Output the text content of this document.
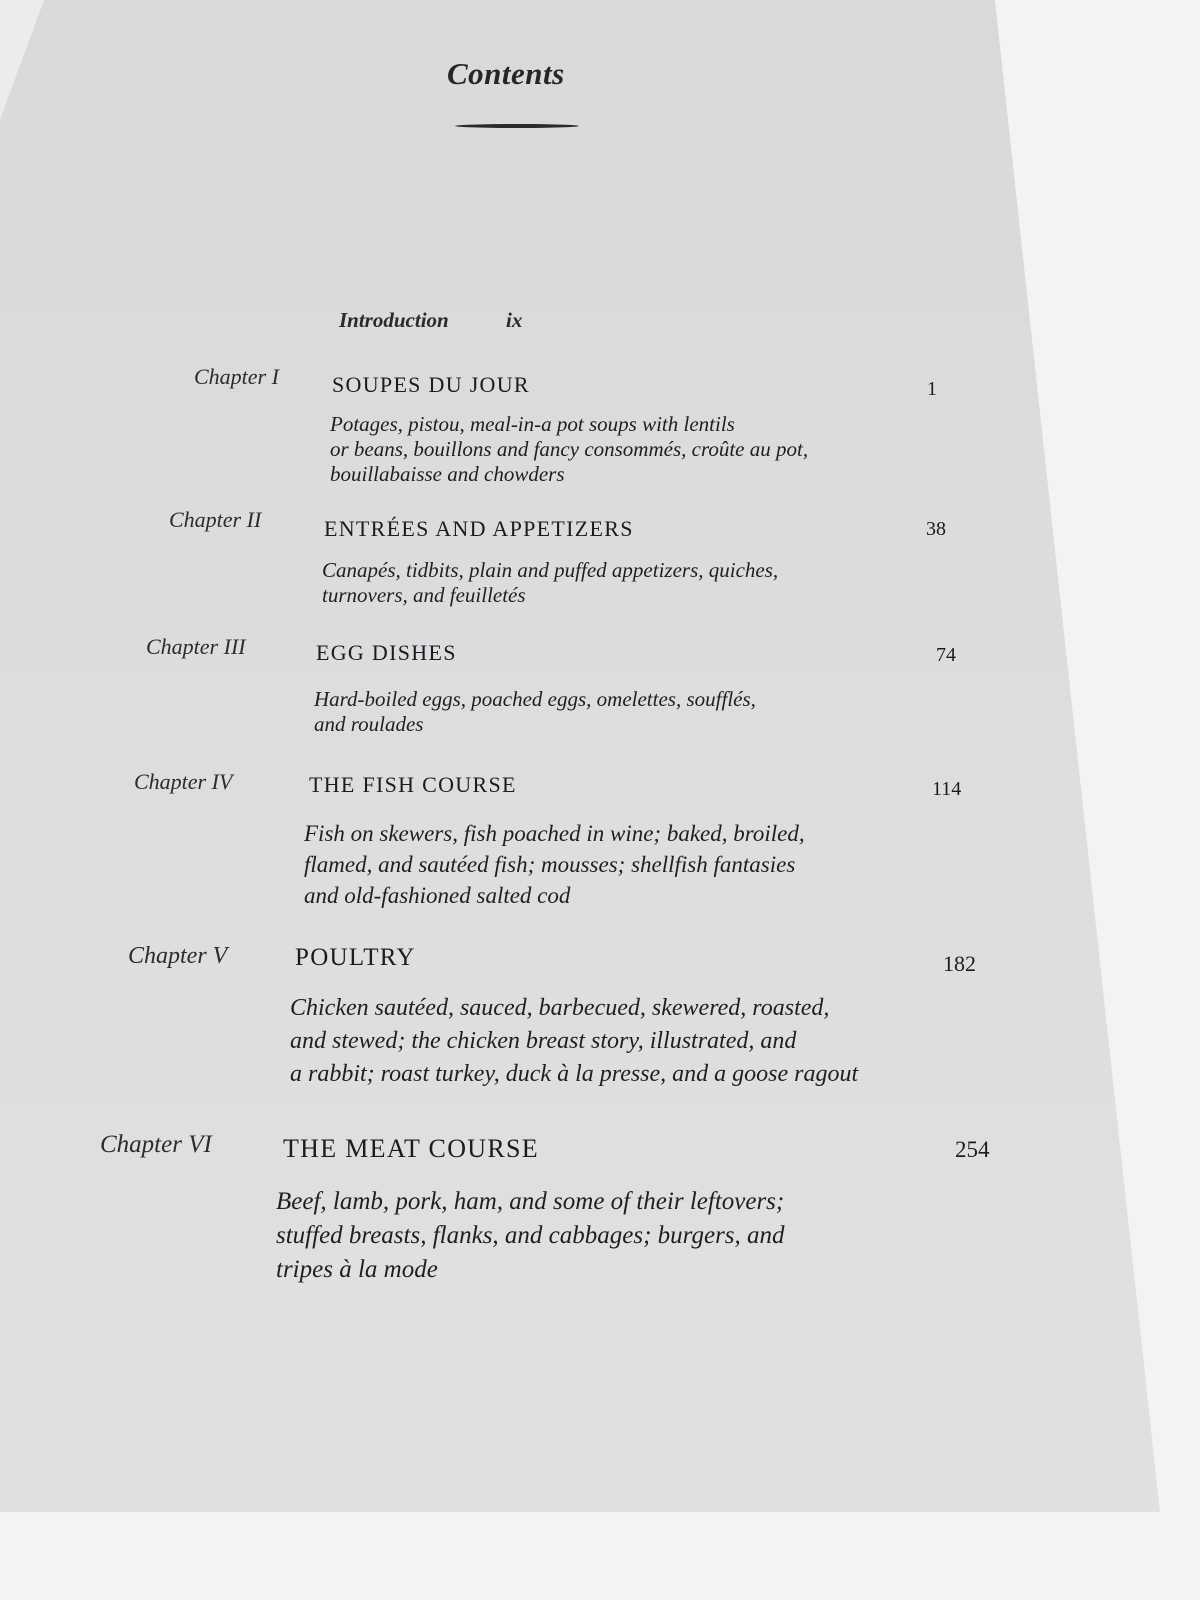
Contents
Introduction	ix
Chapter I SOUPES DU JOUR	1
Potages, pistou, meal-in-a pot soups with lentils
or beans, bouillons and fancy consommés, croûte au pot,
bouillabaisse and chowders
Chapter II	ENTRÉES AND APPETIZERS	38
Canapés, tidbits, plain and puffed appetizers, quiches,
turnovers, and feuilletés
Chapter III	EGG DISHES	74
Hard-boiled eggs, poached eggs, omelettes, soufflés,
and roulades
Chapter IV	THE FISH COURSE	114
Fish on skewers, fish poached in wine; baked, broiled,
flamed, and sautéed fish; mousses; shellfish fantasies
and old-fashioned salted cod
Chapter V	POULTRY	182
Chicken sautéed, sauced, barbecued, skewered, roasted,
and stewed; the chicken breast story, illustrated, and
a rabbit; roast turkey, duck à la presse, and a goose ragout
Chapter VI	THE MEAT COURSE	254
Beef, lamb, pork, ham, and some of their leftovers;
stuffed breasts, flanks, and cabbages; burgers, and
tripes à la mode
